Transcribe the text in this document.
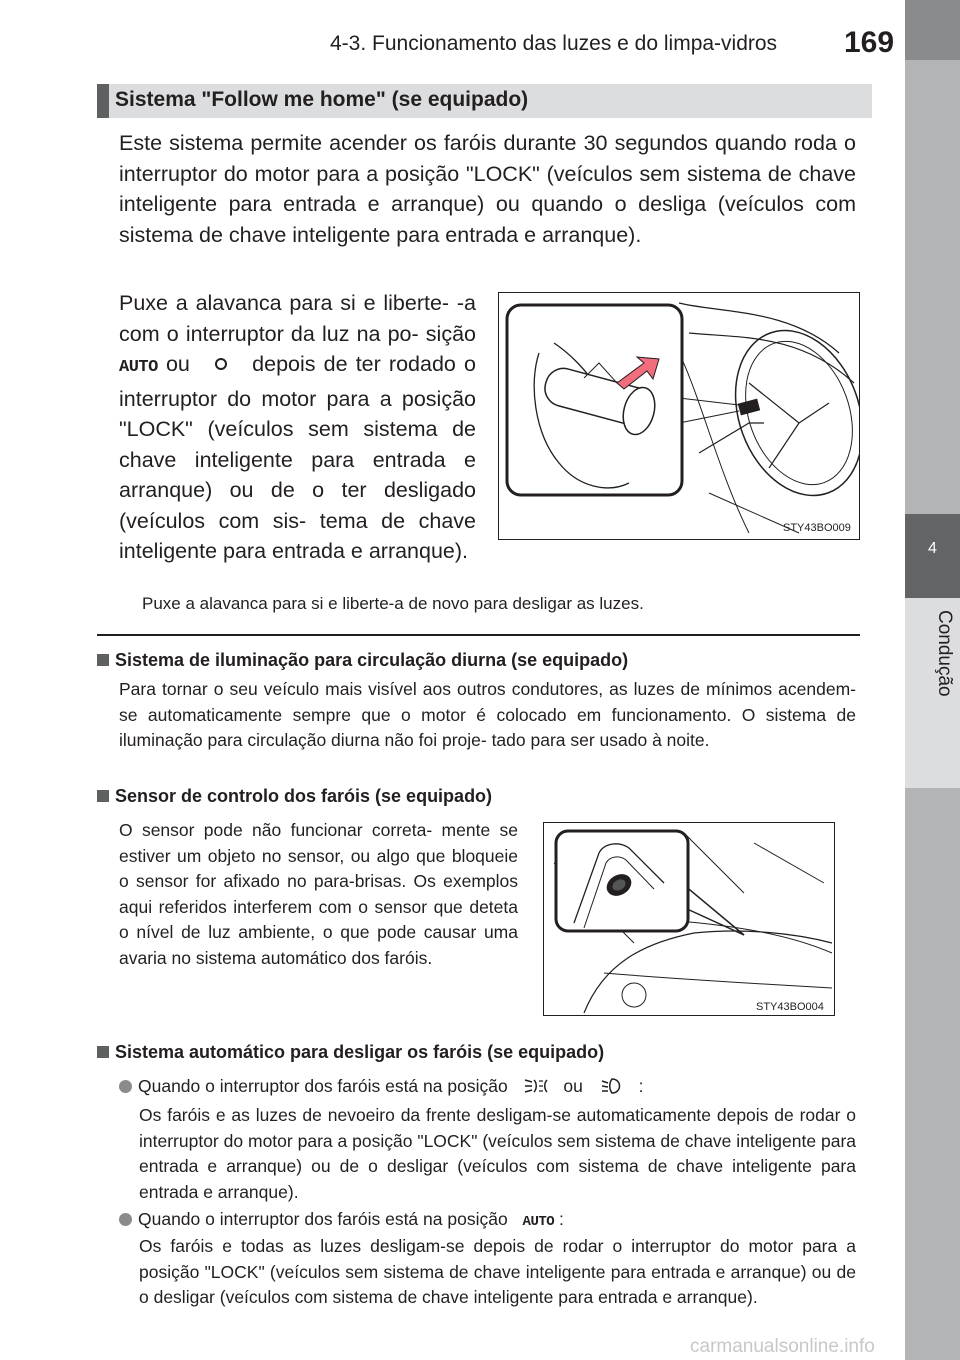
4-3. Funcionamento das luzes e do limpa-vidros 169
4
Condução
Sistema "Follow me home" (se equipado)
Este sistema permite acender os faróis durante 30 segundos quando roda o interruptor do motor para a posição "LOCK" (veículos sem sistema de chave inteligente para entrada e arranque) ou quando o desliga (veículos com sistema de chave inteligente para entrada e arranque).
Puxe a alavanca para si e liberte- -a com o interruptor da luz na po- sição AUTO ou	depois de ter rodado o interruptor do motor para a posição "LOCK" (veículos sem sistema de chave inteligente para entrada e arranque) ou de o ter desligado (veículos com sis- tema de chave inteligente para entrada e arranque).
STY43BO009
Puxe a alavanca para si e liberte-a de novo para desligar as luzes.
Sistema de iluminação para circulação diurna (se equipado)
Para tornar o seu veículo mais visível aos outros condutores, as luzes de mínimos acendem-se automaticamente sempre que o motor é colocado em funcionamento. O sistema de iluminação para circulação diurna não foi proje- tado para ser usado à noite.
Sensor de controlo dos faróis (se equipado)
O sensor pode não funcionar correta- mente se estiver um objeto no sensor, ou algo que bloqueie o sensor for afixado no para-brisas. Os exemplos aqui referidos interferem com o sensor que deteta o nível de luz ambiente, o que pode causar uma avaria no sistema automático dos faróis.
STY43BO004
Sistema automático para desligar os faróis (se equipado)
Quando o interruptor dos faróis está na posição	ou	:
Os faróis e as luzes de nevoeiro da frente desligam-se automaticamente depois de rodar o interruptor do motor para a posição "LOCK" (veículos sem sistema de chave inteligente para entrada e arranque) ou de o desligar (veículos com sistema de chave inteligente para entrada e arranque).
Quando o interruptor dos faróis está na posição AUTO :
Os faróis e todas as luzes desligam-se depois de rodar o interruptor do motor para a posição "LOCK" (veículos sem sistema de chave inteligente para entrada e arranque) ou de o desligar (veículos com sistema de chave inteligente para entrada e arranque).
carmanualsonline.info
